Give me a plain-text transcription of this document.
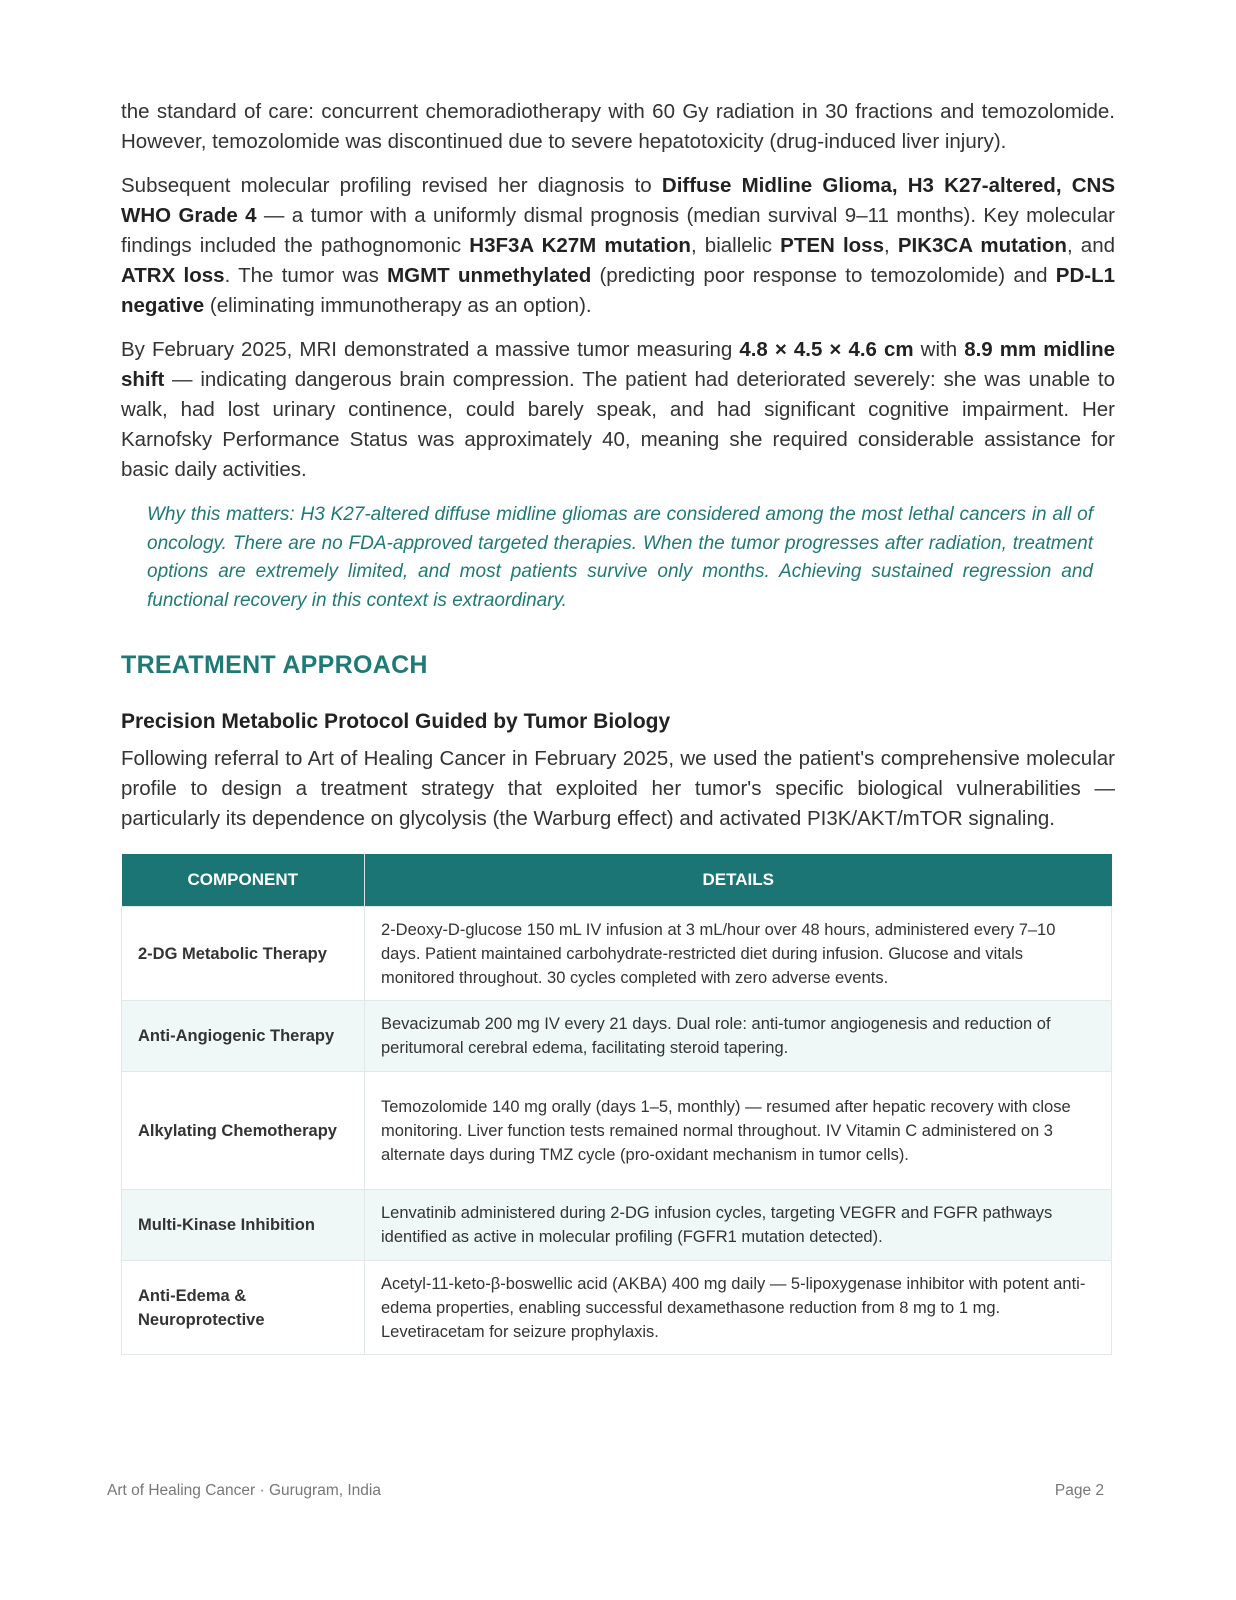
the standard of care: concurrent chemoradiotherapy with 60 Gy radiation in 30 fractions and temozolomide. However, temozolomide was discontinued due to severe hepatotoxicity (drug-induced liver injury).

Subsequent molecular profiling revised her diagnosis to Diffuse Midline Glioma, H3 K27-altered, CNS WHO Grade 4 — a tumor with a uniformly dismal prognosis (median survival 9–11 months). Key molecular findings included the pathognomonic H3F3A K27M mutation, biallelic PTEN loss, PIK3CA mutation, and ATRX loss. The tumor was MGMT unmethylated (predicting poor response to temozolomide) and PD-L1 negative (eliminating immunotherapy as an option).

By February 2025, MRI demonstrated a massive tumor measuring 4.8 × 4.5 × 4.6 cm with 8.9 mm midline shift — indicating dangerous brain compression. The patient had deteriorated severely: she was unable to walk, had lost urinary continence, could barely speak, and had significant cognitive impairment. Her Karnofsky Performance Status was approximately 40, meaning she required considerable assistance for basic daily activities.

Why this matters: H3 K27-altered diffuse midline gliomas are considered among the most lethal cancers in all of oncology. There are no FDA-approved targeted therapies. When the tumor progresses after radiation, treatment options are extremely limited, and most patients survive only months. Achieving sustained regression and functional recovery in this context is extraordinary.
TREATMENT APPROACH
Precision Metabolic Protocol Guided by Tumor Biology

Following referral to Art of Healing Cancer in February 2025, we used the patient's comprehensive molecular profile to design a treatment strategy that exploited her tumor's specific biological vulnerabilities — particularly its dependence on glycolysis (the Warburg effect) and activated PI3K/AKT/mTOR signaling.

COMPONENT	DETAILS
2-DG Metabolic Therapy	2-Deoxy-D-glucose 150 mL IV infusion at 3 mL/hour over 48 hours, administered every 7–10 days. Patient maintained carbohydrate-restricted diet during infusion. Glucose and vitals monitored throughout. 30 cycles completed with zero adverse events.
Anti-Angiogenic Therapy	Bevacizumab 200 mg IV every 21 days. Dual role: anti-tumor angiogenesis and reduction of peritumoral cerebral edema, facilitating steroid tapering.
Alkylating Chemotherapy	Temozolomide 140 mg orally (days 1–5, monthly) — resumed after hepatic recovery with close monitoring. Liver function tests remained normal throughout. IV Vitamin C administered on 3 alternate days during TMZ cycle (pro-oxidant mechanism in tumor cells).
Multi-Kinase Inhibition	Lenvatinib administered during 2-DG infusion cycles, targeting VEGFR and FGFR pathways identified as active in molecular profiling (FGFR1 mutation detected).
Anti-Edema & Neuroprotective	Acetyl-11-keto-β-boswellic acid (AKBA) 400 mg daily — 5-lipoxygenase inhibitor with potent anti-edema properties, enabling successful dexamethasone reduction from 8 mg to 1 mg. Levetiracetam for seizure prophylaxis.
Art of Healing Cancer · Gurugram, India	Page 2
